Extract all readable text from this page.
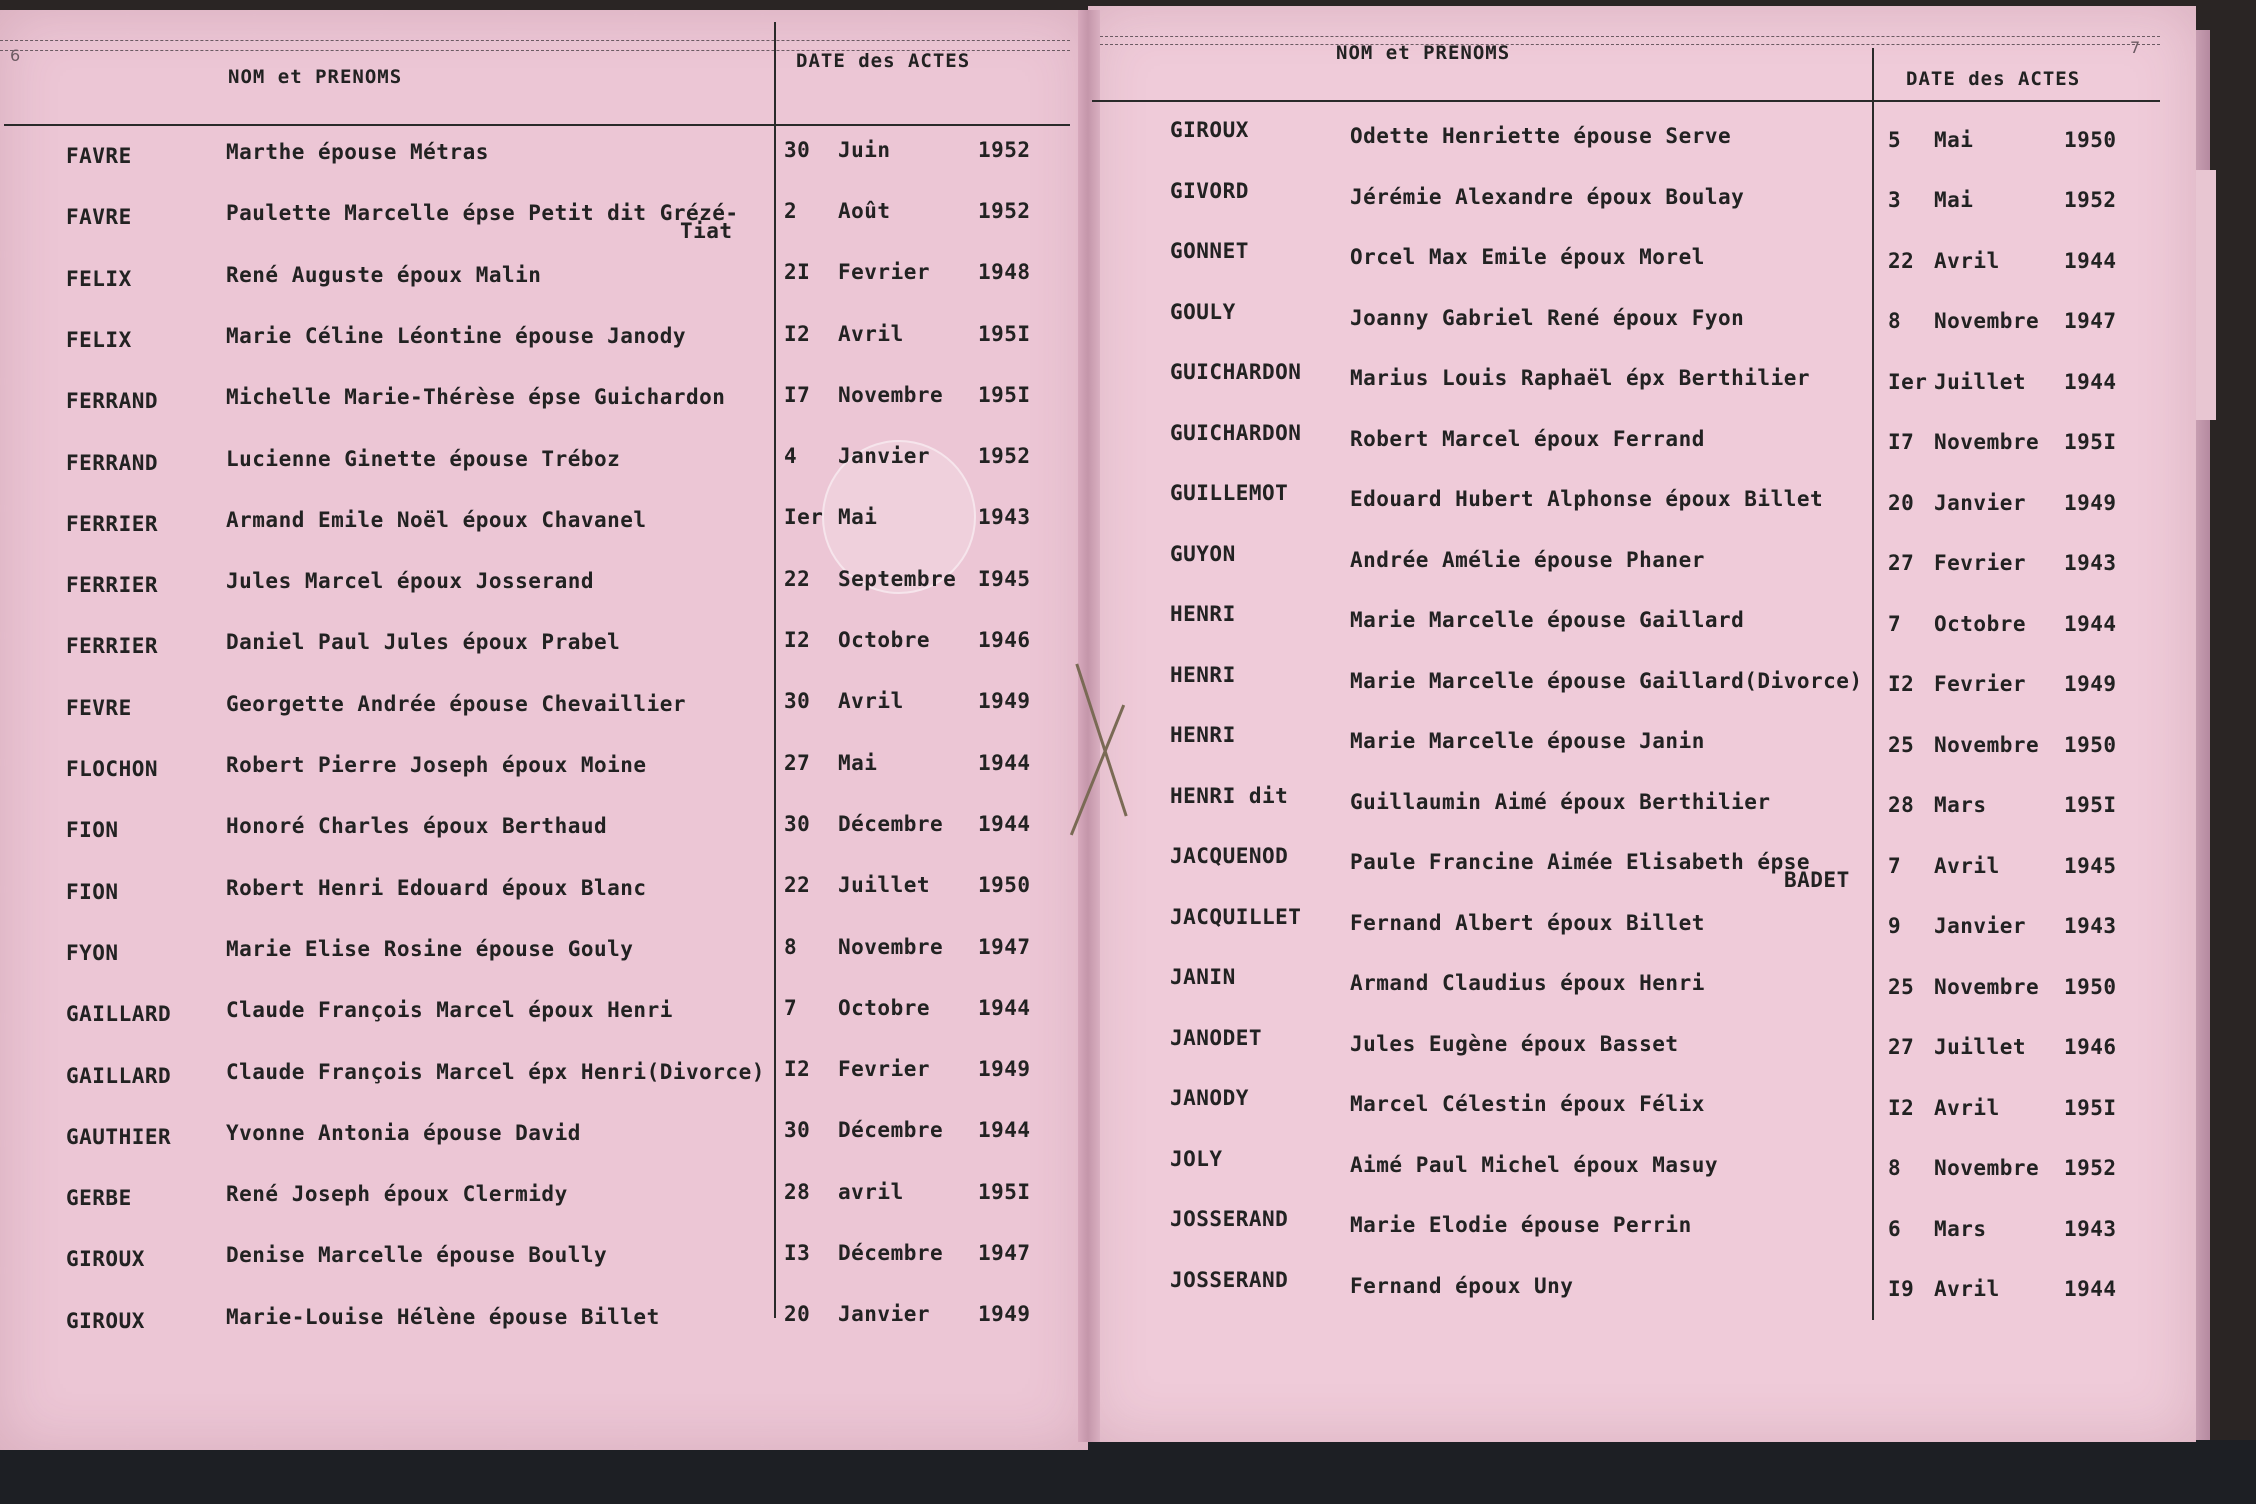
6
NOM et PRENOMS
DATE des ACTES
7
NOM et PRENOMS
DATE des ACTES
FAVRE	Marthe épouse Métras	30 Juin	1952
FAVRE	Paulette Marcelle épse Petit dit Grézé- 2 Août	1952
Tiat
FELIX	René Auguste époux Malin	2I Fevrier 1948
FELIX	Marie Céline Léontine épouse Janody	I2 Avril	195I
FERRAND	Michelle Marie-Thérèse épse Guichardon	I7 Novembre 195I
FERRAND	Lucienne Ginette épouse Tréboz	4 Janvier 1952
FERRIER	Armand Emile Noël époux Chavanel	Ier Mai	1943
FERRIER	Jules Marcel époux Josserand	22 Septembre I945
FERRIER	Daniel Paul Jules époux Prabel	I2 Octobre 1946
FEVRE	Georgette Andrée épouse Chevaillier	30 Avril	1949
FLOCHON	Robert Pierre Joseph époux Moine	27 Mai	1944
FION	Honoré Charles époux Berthaud	30 Décembre 1944
FION	Robert Henri Edouard époux Blanc	22 Juillet 1950
FYON	Marie Elise Rosine épouse Gouly	8 Novembre 1947
GAILLARD	Claude François Marcel époux Henri	7 Octobre 1944
GAILLARD	Claude François Marcel épx Henri(Divorce) I2 Fevrier 1949
GAUTHIER	Yvonne Antonia épouse David	30 Décembre 1944
GERBE	René Joseph époux Clermidy	28 avril	195I
GIROUX	Denise Marcelle épouse Boully	I3 Décembre 1947
GIROUX	Marie-Louise Hélène épouse Billet	20 Janvier 1949
GIROUX	Odette Henriette épouse Serve	5 Mai	1950
GIVORD	Jérémie Alexandre époux Boulay	3 Mai	1952
GONNET	Orcel Max Emile époux Morel	22 Avril	1944
GOULY	Joanny Gabriel René époux Fyon	8 Novembre 1947
GUICHARDON Marius Louis Raphaël épx Berthilier	Ier Juillet 1944
GUICHARDON Robert Marcel époux Ferrand	I7 Novembre 195I
GUILLEMOT	Edouard Hubert Alphonse époux Billet	20 Janvier 1949
GUYON	Andrée Amélie épouse Phaner	27 Fevrier 1943
HENRI	Marie Marcelle épouse Gaillard	7 Octobre 1944
HENRI	Marie Marcelle épouse Gaillard(Divorce) I2 Fevrier 1949
HENRI	Marie Marcelle épouse Janin	25 Novembre 1950
HENRI dit	Guillaumin Aimé époux Berthilier	28 Mars	195I
JACQUENOD	Paule Francine Aimée Elisabeth épse	7 Avril	1945
BADET
JACQUILLET Fernand Albert époux Billet	9 Janvier 1943
JANIN	Armand Claudius époux Henri	25 Novembre 1950
JANODET	Jules Eugène époux Basset	27 Juillet 1946
JANODY	Marcel Célestin époux Félix	I2 Avril	195I
JOLY	Aimé Paul Michel époux Masuy	8 Novembre 1952
JOSSERAND	Marie Elodie épouse Perrin	6 Mars	1943
JOSSERAND	Fernand époux Uny	I9 Avril	1944
